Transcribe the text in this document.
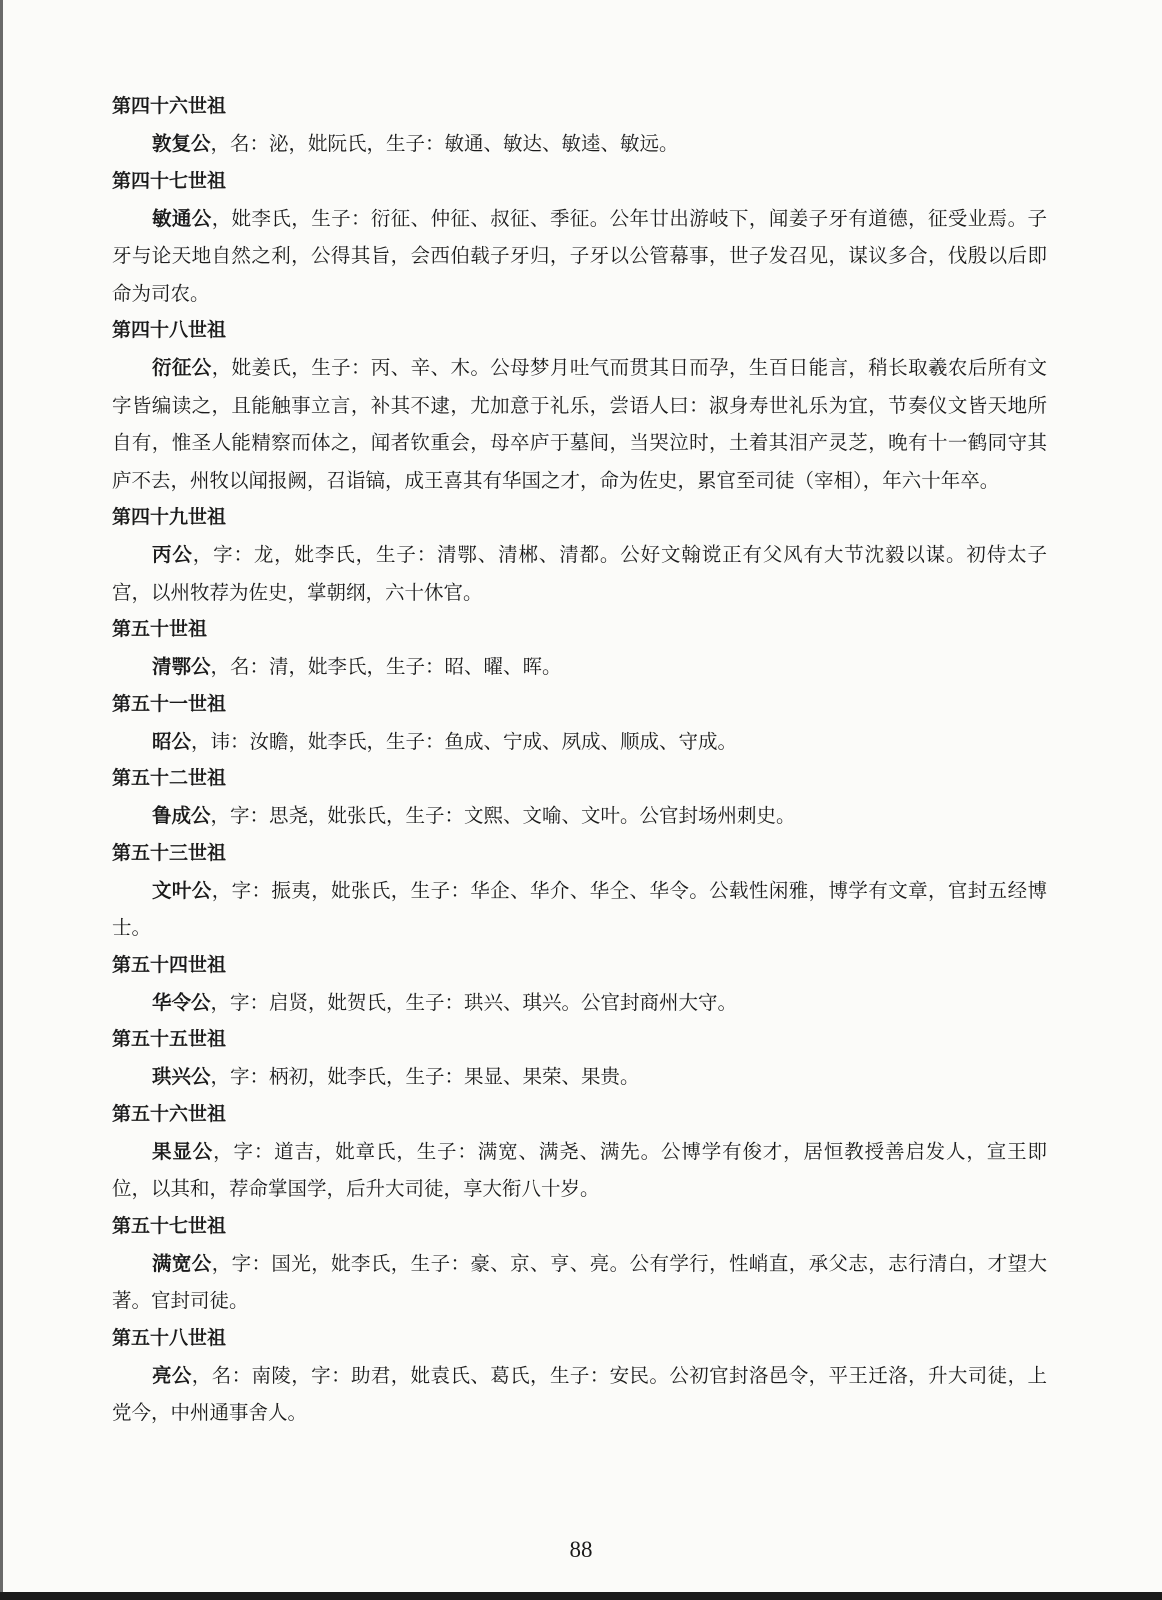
第四十六世祖

敦复公，名：泌，妣阮氏，生子：敏通、敏达、敏逵、敏远。

第四十七世祖

敏通公，妣李氏，生子：衍征、仲征、叔征、季征。公年廿出游岐下，闻姜子牙有道德，征受业焉。子牙与论天地自然之利，公得其旨，会西伯载子牙归，子牙以公管幕事，世子发召见，谋议多合，伐殷以后即命为司农。

第四十八世祖

衍征公，妣姜氏，生子：丙、辛、木。公母梦月吐气而贯其日而孕，生百日能言，稍长取羲农后所有文字皆编读之，且能触事立言，补其不逮，尤加意于礼乐，尝语人曰：淑身寿世礼乐为宜，节奏仪文皆天地所自有，惟圣人能精察而体之，闻者钦重会，母卒庐于墓间，当哭泣时，土着其泪产灵芝，晚有十一鹤同守其庐不去，州牧以闻报阙，召诣镐，成王喜其有华国之才，命为佐史，累官至司徒（宰相），年六十年卒。

第四十九世祖

丙公，字：龙，妣李氏，生子：清鄂、清郴、清都。公好文翰谠正有父风有大节沈毅以谋。初侍太子宫，以州牧荐为佐史，掌朝纲，六十休官。

第五十世祖

清鄂公，名：清，妣李氏，生子：昭、曜、晖。

第五十一世祖

昭公，讳：汝瞻，妣李氏，生子：鱼成、宁成、夙成、顺成、守成。

第五十二世祖

鲁成公，字：思尧，妣张氏，生子：文熙、文喻、文叶。公官封场州刺史。

第五十三世祖

文叶公，字：振夷，妣张氏，生子：华企、华介、华仝、华令。公载性闲雅，博学有文章，官封五经博士。

第五十四世祖

华令公，字：启贤，妣贺氏，生子：珙兴、琪兴。公官封商州大守。

第五十五世祖

珙兴公，字：柄初，妣李氏，生子：果显、果荣、果贵。

第五十六世祖

果显公，字：道吉，妣章氏，生子：满宽、满尧、满先。公博学有俊才，居恒教授善启发人，宣王即位，以其和，荐命掌国学，后升大司徒，享大衔八十岁。

第五十七世祖

满宽公，字：国光，妣李氏，生子：豪、京、亨、亮。公有学行，性峭直，承父志，志行清白，才望大著。官封司徒。

第五十八世祖

亮公，名：南陵，字：助君，妣袁氏、葛氏，生子：安民。公初官封洛邑令，平王迁洛，升大司徒，上党今，中州通事舍人。

88
